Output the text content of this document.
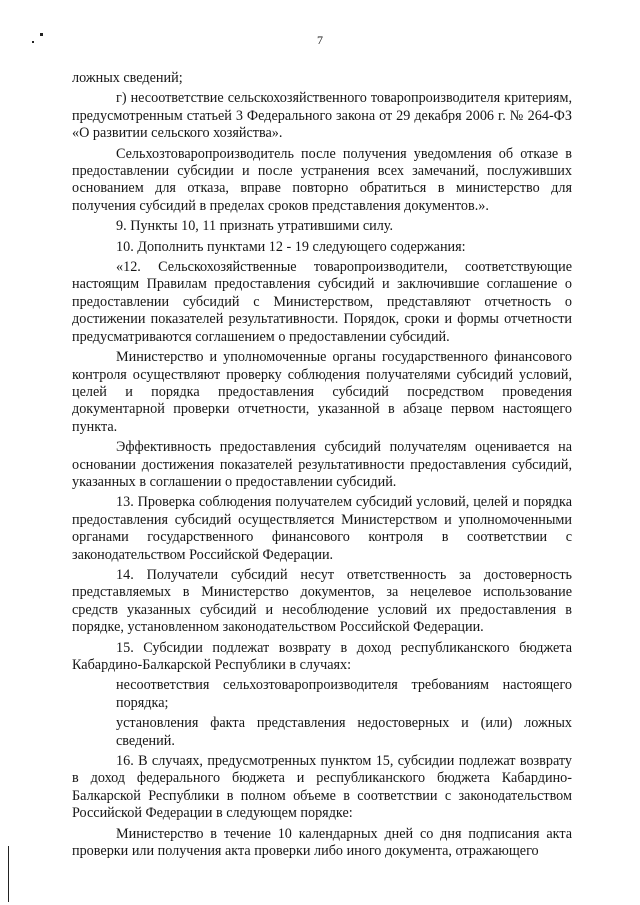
7

ложных сведений;

г) несоответствие сельскохозяйственного товаропроизводителя критериям, предусмотренным статьей 3 Федерального закона от 29 декабря 2006 г. № 264-ФЗ «О развитии сельского хозяйства».

Сельхозтоваропроизводитель после получения уведомления об отказе в предоставлении субсидии и после устранения всех замечаний, послуживших основанием для отказа, вправе повторно обратиться в министерство для получения субсидий в пределах сроков представления документов.».

9. Пункты 10, 11 признать утратившими силу.

10. Дополнить пунктами 12 - 19 следующего содержания:

«12. Сельскохозяйственные товаропроизводители, соответствующие настоящим Правилам предоставления субсидий и заключившие соглашение о предоставлении субсидий с Министерством, представляют отчетность о достижении показателей результативности. Порядок, сроки и формы отчетности предусматриваются соглашением о предоставлении субсидий.

Министерство и уполномоченные органы государственного финансового контроля осуществляют проверку соблюдения получателями субсидий условий, целей и порядка предоставления субсидий посредством проведения документарной проверки отчетности, указанной в абзаце первом настоящего пункта.

Эффективность предоставления субсидий получателям оценивается на основании достижения показателей результативности предоставления субсидий, указанных в соглашении о предоставлении субсидий.

13. Проверка соблюдения получателем субсидий условий, целей и порядка предоставления субсидий осуществляется Министерством и уполномоченными органами государственного финансового контроля в соответствии с законодательством Российской Федерации.

14. Получатели субсидий несут ответственность за достоверность представляемых в Министерство документов, за нецелевое использование средств указанных субсидий и несоблюдение условий их предоставления в порядке, установленном законодательством Российской Федерации.

15. Субсидии подлежат возврату в доход республиканского бюджета Кабардино-Балкарской Республики в случаях:

несоответствия сельхозтоваропроизводителя требованиям настоящего порядка;

установления факта представления недостоверных и (или) ложных сведений.

16. В случаях, предусмотренных пунктом 15, субсидии подлежат возврату в доход федерального бюджета и республиканского бюджета Кабардино-Балкарской Республики в полном объеме в соответствии с законодательством Российской Федерации в следующем порядке:

Министерство в течение 10 календарных дней со дня подписания акта проверки или получения акта проверки либо иного документа, отражающего
